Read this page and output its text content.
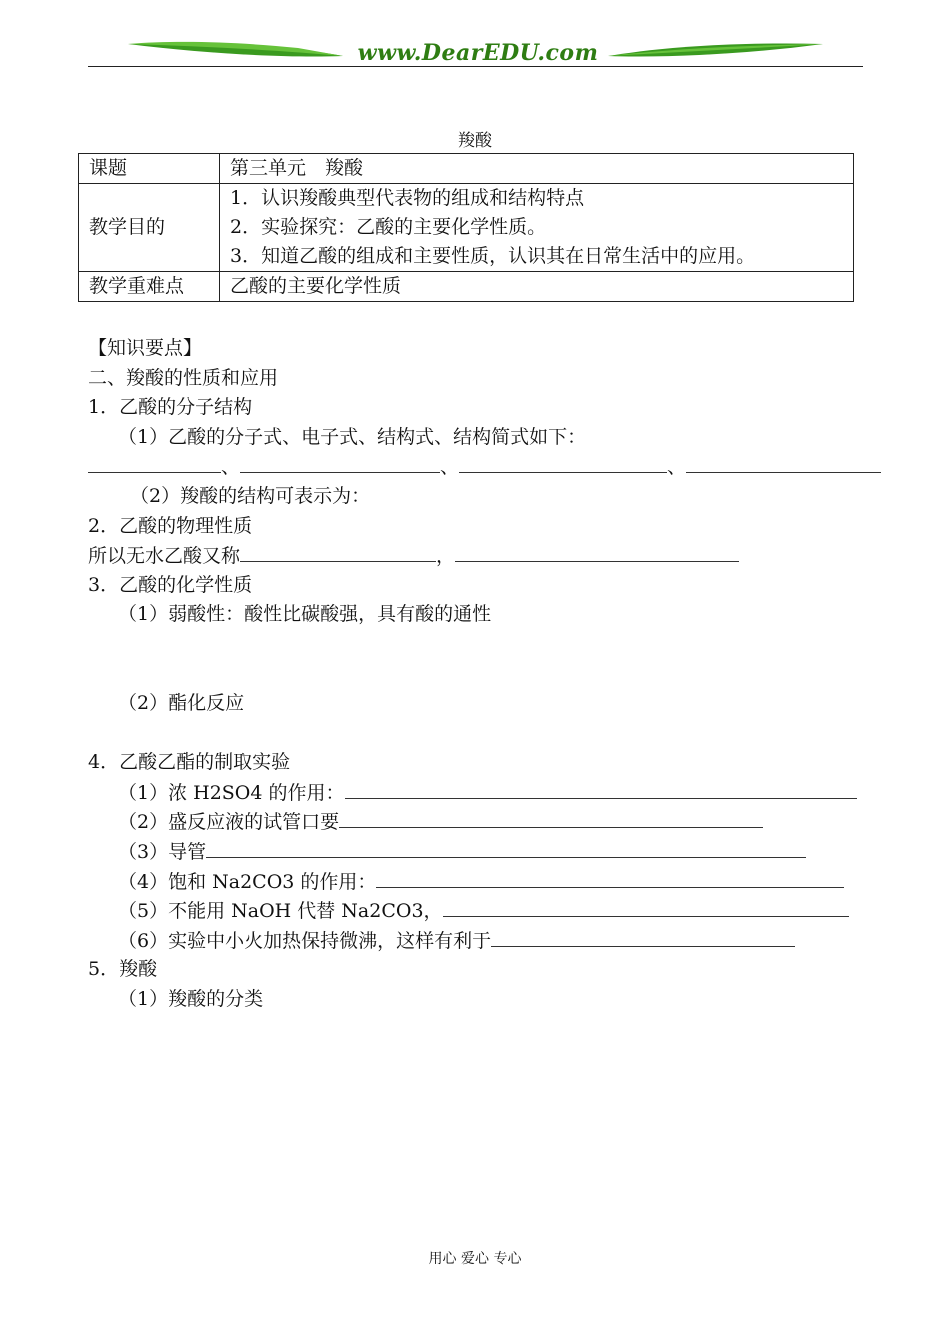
www.DearEDU.com
羧酸
课题	第三单元　羧酸
教学目的	1．认识羧酸典型代表物的组成和结构特点
2．实验探究：乙酸的主要化学性质。
3．知道乙酸的组成和主要性质，认识其在日常生活中的应用。

教学重难点	乙酸的主要化学性质
【知识要点】
二、羧酸的性质和应用
1．乙酸的分子结构
（1）乙酸的分子式、电子式、结构式、结构简式如下：
、	、	、
（2）羧酸的结构可表示为：
2．乙酸的物理性质
所以无水乙酸又称	，
3．乙酸的化学性质
（1）弱酸性：酸性比碳酸强，具有酸的通性
（2）酯化反应
4．乙酸乙酯的制取实验
（1）浓 H2SO4 的作用：
（2）盛反应液的试管口要
（3）导管
（4）饱和 Na2CO3 的作用：
（5）不能用 NaOH 代替 Na2CO3，
（6）实验中小火加热保持微沸，这样有利于
5．羧酸
（1）羧酸的分类
用心 爱心 专心
